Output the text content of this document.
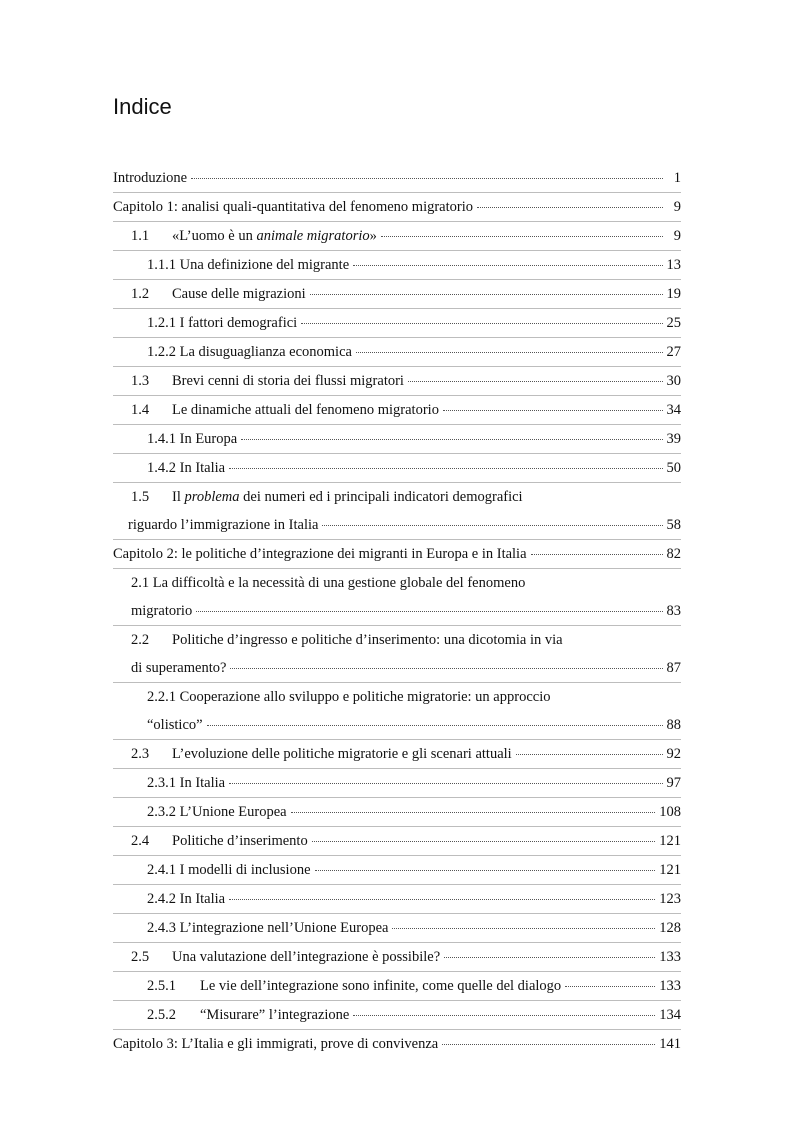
Indice
Introduzione	1
Capitolo 1: analisi quali-quantitativa del fenomeno migratorio	9
1.1	«L’uomo è un animale migratorio»	9
1.1.1 Una definizione del migrante	13
1.2	Cause delle migrazioni	19
1.2.1 I fattori demografici	25
1.2.2 La disuguaglianza economica	27
1.3	Brevi cenni di storia dei flussi migratori	30
1.4	Le dinamiche attuali del fenomeno migratorio	34
1.4.1 In Europa	39
1.4.2 In Italia	50
1.5	Il problema dei numeri ed i principali indicatori demografici
riguardo l’immigrazione in Italia	58
Capitolo 2: le politiche d’integrazione dei migranti in Europa e in Italia	82
2.1 La difficoltà e la necessità di una gestione globale del fenomeno
migratorio	83
2.2	Politiche d’ingresso e politiche d’inserimento: una dicotomia in via
di superamento?	87
2.2.1 Cooperazione allo sviluppo e politiche migratorie: un approccio
“olistico”	88
2.3	L’evoluzione delle politiche migratorie e gli scenari attuali	92
2.3.1 In Italia	97
2.3.2 L’Unione Europea	108
2.4	Politiche d’inserimento	121
2.4.1 I modelli di inclusione	121
2.4.2 In Italia	123
2.4.3 L’integrazione nell’Unione Europea	128
2.5	Una valutazione dell’integrazione è possibile?	133
2.5.1	Le vie dell’integrazione sono infinite, come quelle del dialogo	133
2.5.2	“Misurare” l’integrazione	134
Capitolo 3: L’Italia e gli immigrati, prove di convivenza	141
